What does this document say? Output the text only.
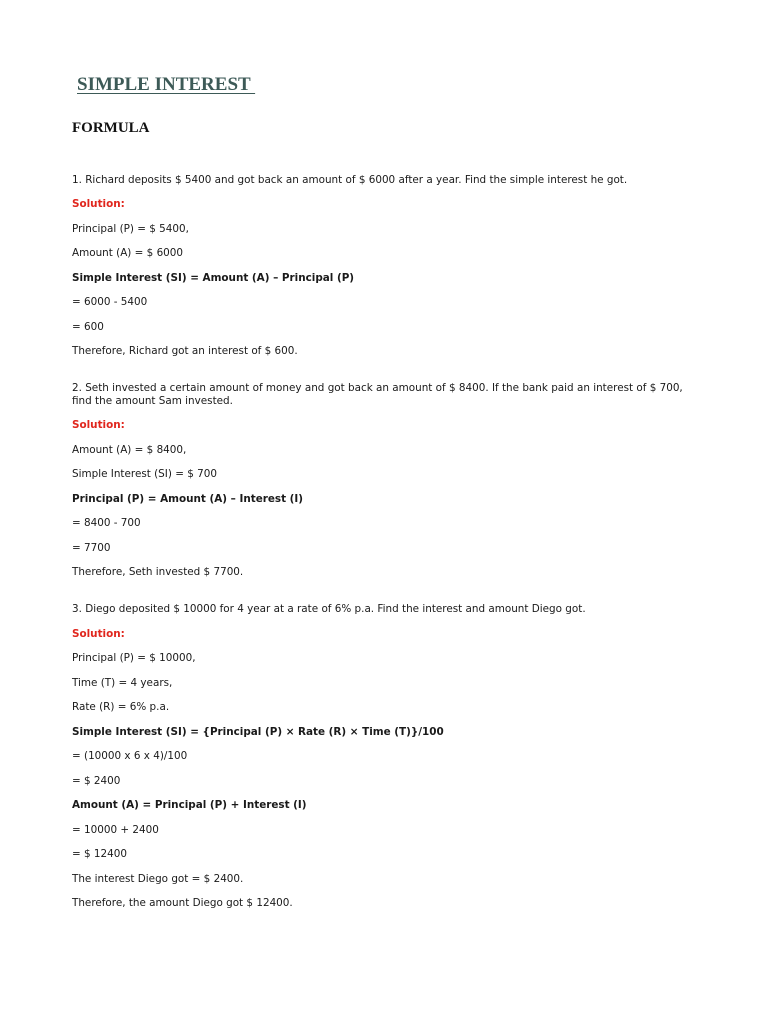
SIMPLE INTEREST
FORMULA
1. Richard deposits $ 5400 and got back an amount of $ 6000 after a year. Find the simple interest he got.
Solution:
Principal (P) = $ 5400,
Amount (A) = $ 6000
Simple Interest (SI) = Amount (A) – Principal (P)
= 6000 - 5400
= 600
Therefore, Richard got an interest of $ 600.
2. Seth invested a certain amount of money and got back an amount of $ 8400. If the bank paid an interest of $ 700, find the amount Sam invested.
Solution:
Amount (A) = $ 8400,
Simple Interest (SI) = $ 700
Principal (P) = Amount (A) – Interest (I)
= 8400 - 700
= 7700
Therefore, Seth invested $ 7700.
3. Diego deposited $ 10000 for 4 year at a rate of 6% p.a. Find the interest and amount Diego got.
Solution:
Principal (P) = $ 10000,
Time (T) = 4 years,
Rate (R) = 6% p.a.
Simple Interest (SI) = {Principal (P) × Rate (R) × Time (T)}/100
= (10000 x 6 x 4)/100
= $ 2400
Amount (A) = Principal (P) + Interest (I)
= 10000 + 2400
= $ 12400
The interest Diego got = $ 2400.
Therefore, the amount Diego got $ 12400.
